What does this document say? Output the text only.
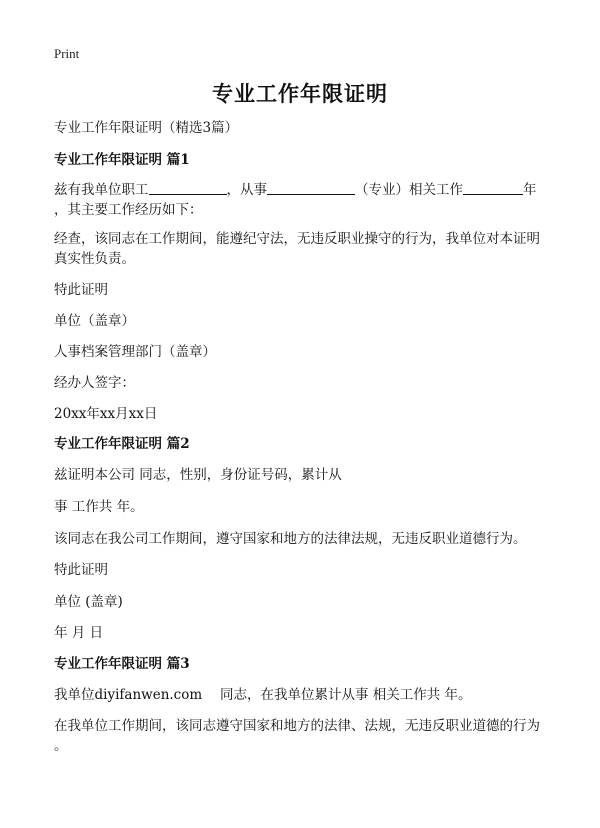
Print
专业工作年限证明
专业工作年限证明（精选3篇）
专业工作年限证明 篇1
兹有我单位职工	，从事	（专业）相关工作	年
，其主要工作经历如下：
经查，该同志在工作期间，能遵纪守法，无违反职业操守的行为，我单位对本证明
真实性负责。
特此证明
单位（盖章）
人事档案管理部门（盖章）
经办人签字：
20xx年xx月xx日
专业工作年限证明 篇2
兹证明本公司 同志，性别，身份证号码，累计从
事 工作共 年。
该同志在我公司工作期间，遵守国家和地方的法律法规，无违反职业道德行为。
特此证明
单位 (盖章)
年 月 日
专业工作年限证明 篇3
我单位diyifanwen.com　 同志，在我单位累计从事 相关工作共 年。
在我单位工作期间，该同志遵守国家和地方的法律、法规，无违反职业道德的行为
。
